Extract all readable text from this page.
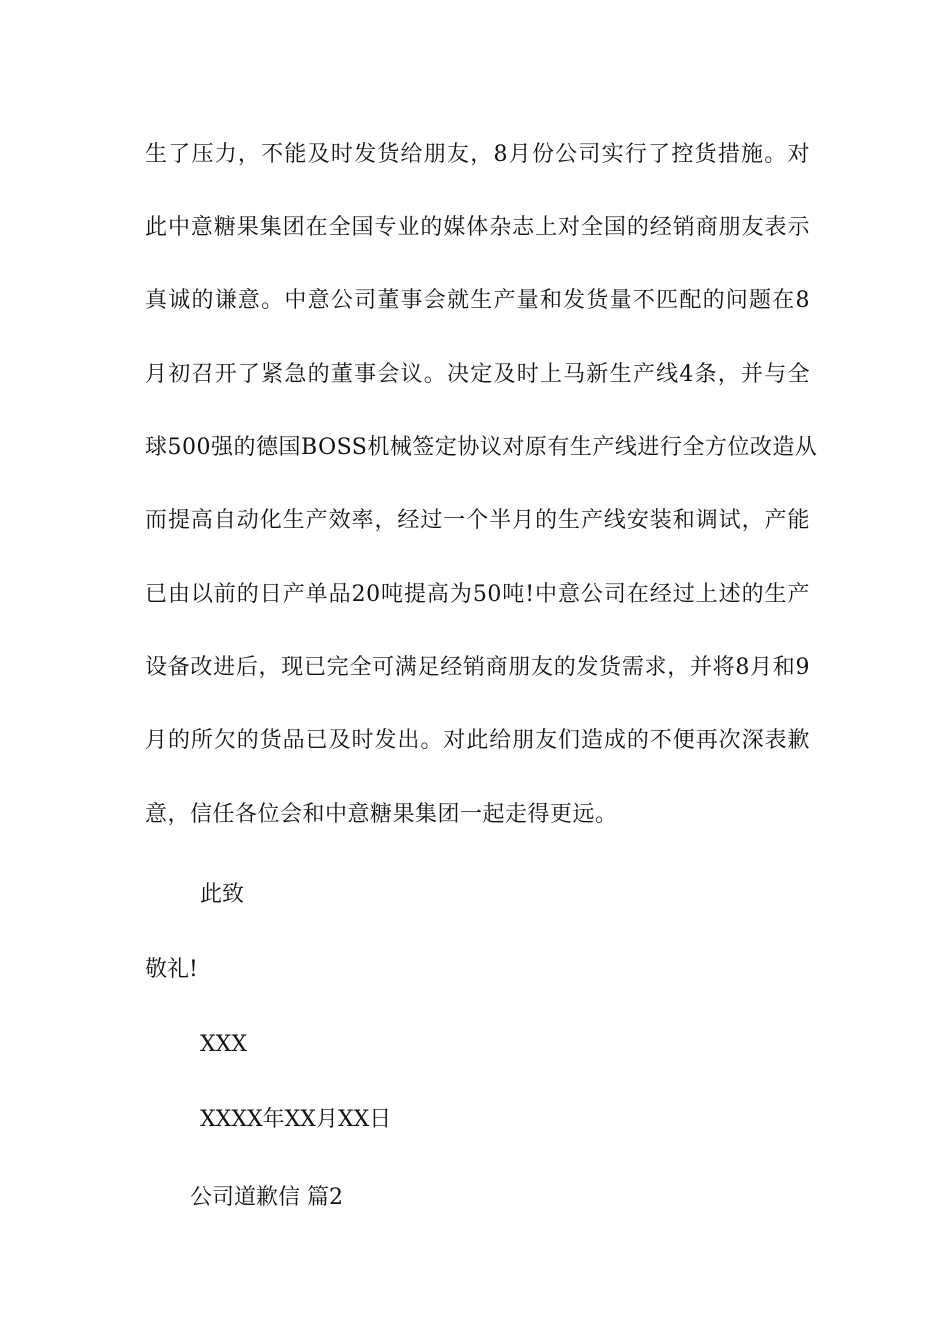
生了压力，不能及时发货给朋友，8月份公司实行了控货措施。对
此中意糖果集团在全国专业的媒体杂志上对全国的经销商朋友表示
真诚的谦意。中意公司董事会就生产量和发货量不匹配的问题在8
月初召开了紧急的董事会议。决定及时上马新生产线4条，并与全
球500强的德国BOSS机械签定协议对原有生产线进行全方位改造从
而提高自动化生产效率，经过一个半月的生产线安装和调试，产能
已由以前的日产单品20吨提高为50吨!中意公司在经过上述的生产
设备改进后，现已完全可满足经销商朋友的发货需求，并将8月和9
月的所欠的货品已及时发出。对此给朋友们造成的不便再次深表歉
意，信任各位会和中意糖果集团一起走得更远。
此致
敬礼!
XXX
XXXX年XX月XX日
公司道歉信 篇2
